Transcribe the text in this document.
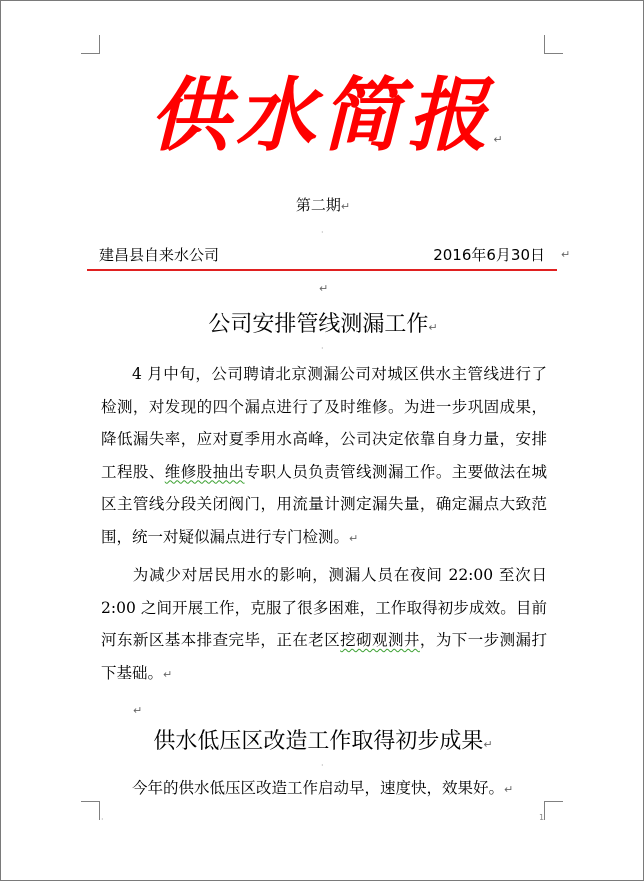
供水简报↵
第二期↵
·
建昌县自来水公司	2016年6月30日 ↵
↵
公司安排管线测漏工作↵
·
4 月中旬，公司聘请北京测漏公司对城区供水主管线进行了检测，对发现的四个漏点进行了及时维修。为进一步巩固成果，降低漏失率，应对夏季用水高峰，公司决定依靠自身力量，安排工程股、维修股抽出专职人员负责管线测漏工作。主要做法在城区主管线分段关闭阀门，用流量计测定漏失量，确定漏点大致范围，统一对疑似漏点进行专门检测。↵
为减少对居民用水的影响，测漏人员在夜间 22:00 至次日 2:00 之间开展工作，克服了很多困难，工作取得初步成效。目前河东新区基本排查完毕，正在老区挖砌观测井，为下一步测漏打下基础。↵
↵
供水低压区改造工作取得初步成果↵
·
今年的供水低压区改造工作启动早，速度快，效果好。↵
·	1
